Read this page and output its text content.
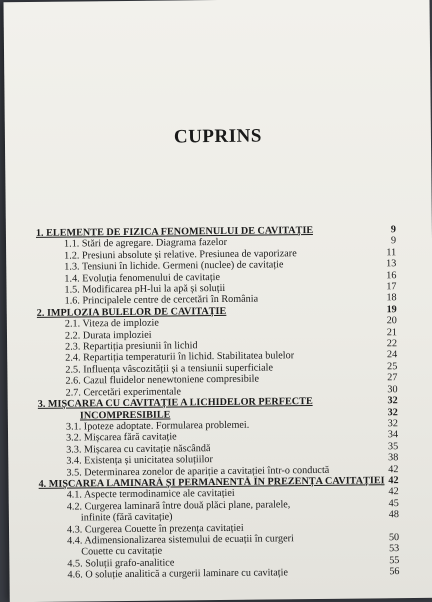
CUPRINS
1. ELEMENTE DE FIZICA FENOMENULUI DE CAVITAȚIE	9
1.1. Stări de agregare. Diagrama fazelor	9
1.2. Presiuni absolute și relative. Presiunea de vaporizare	11
1.3. Tensiuni în lichide. Germeni (nucleе) de cavitație	13
1.4. Evoluția fenomenului de cavitație	16
1.5. Modificarea pH-lui la apă și soluții	17
1.6. Principalele centre de cercetări în România	18
2. IMPLOZIA BULELOR DE CAVITAȚIE	19
2.1. Viteza de implozie	20
2.2. Durata imploziei	21
2.3. Repartiția presiunii în lichid	22
2.4. Repartiția temperaturii în lichid. Stabilitatea bulelor	24
2.5. Influența vâscozității și a tensiunii superficiale	25
2.6. Cazul fluidelor nenewtoniene compresibile	27
2.7. Cercetări experimentale	30
3. MIȘCAREA CU CAVITAȚIE A LICHIDELOR PERFECTE	32
INCOMPRESIBILE	32
3.1. Ipoteze adoptate. Formularea problemei.	32
3.2. Mișcarea fără cavitație	34
3.3. Mișcarea cu cavitație născândă	35
3.4. Existența și unicitatea soluțiilor	38
3.5. Determinarea zonelor de apariție a cavitației într-o conductă	42
4. MIȘCAREA LAMINARĂ ȘI PERMANENTĂ ÎN PREZENȚA CAVITAȚIEI 42
4.1. Aspecte termodinamice ale cavitației	42
4.2. Curgerea laminară între două plăci plane, paralele,	45
infinite (fără cavitație)	48
4.3. Curgerea Couette în prezența cavitației
4.4. Adimensionalizarea sistemului de ecuații în curgeri	50
Couette cu cavitație	53
4.5. Soluții grafo-analitice	55
4.6. O soluție analitică a curgerii laminare cu cavitație	56
